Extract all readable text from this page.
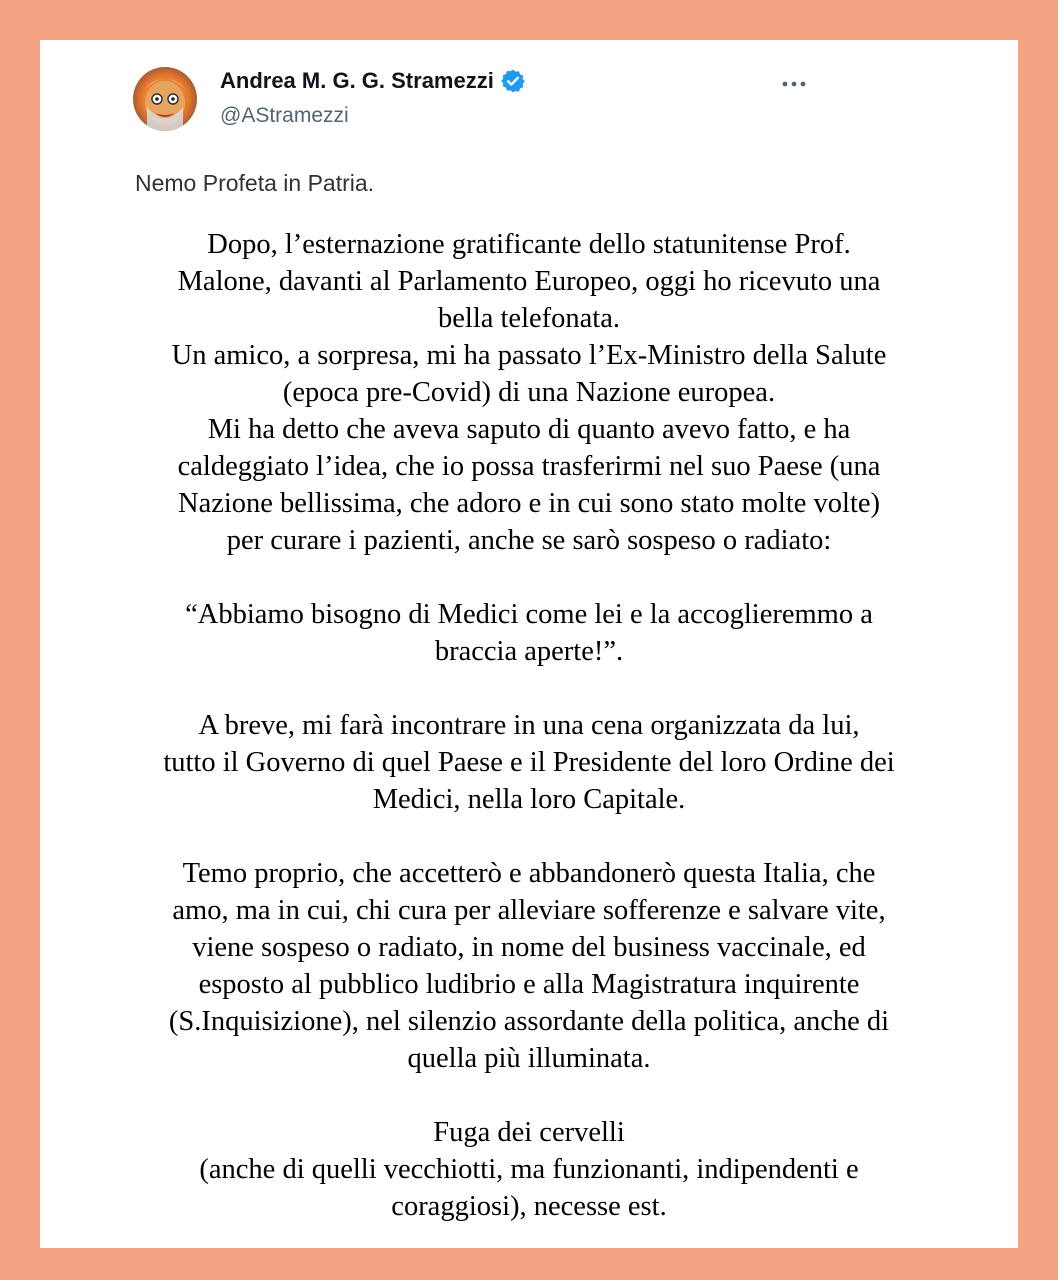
Andrea M. G. G. Stramezzi
@AStramezzi
Nemo Profeta in Patria.
Dopo, l’esternazione gratificante dello statunitense Prof.
Malone, davanti al Parlamento Europeo, oggi ho ricevuto una
bella telefonata.
Un amico, a sorpresa, mi ha passato l’Ex-Ministro della Salute
(epoca pre-Covid) di una Nazione europea.
Mi ha detto che aveva saputo di quanto avevo fatto, e ha
caldeggiato l’idea, che io possa trasferirmi nel suo Paese (una
Nazione bellissima, che adoro e in cui sono stato molte volte)
per curare i pazienti, anche se sarò sospeso o radiato:
“Abbiamo bisogno di Medici come lei e la accoglieremmo a
braccia aperte!”.
A breve, mi farà incontrare in una cena organizzata da lui,
tutto il Governo di quel Paese e il Presidente del loro Ordine dei
Medici, nella loro Capitale.
Temo proprio, che accetterò e abbandonerò questa Italia, che
amo, ma in cui, chi cura per alleviare sofferenze e salvare vite,
viene sospeso o radiato, in nome del business vaccinale, ed
esposto al pubblico ludibrio e alla Magistratura inquirente
(S.Inquisizione), nel silenzio assordante della politica, anche di
quella più illuminata.
Fuga dei cervelli
(anche di quelli vecchiotti, ma funzionanti, indipendenti e
coraggiosi), necesse est.
